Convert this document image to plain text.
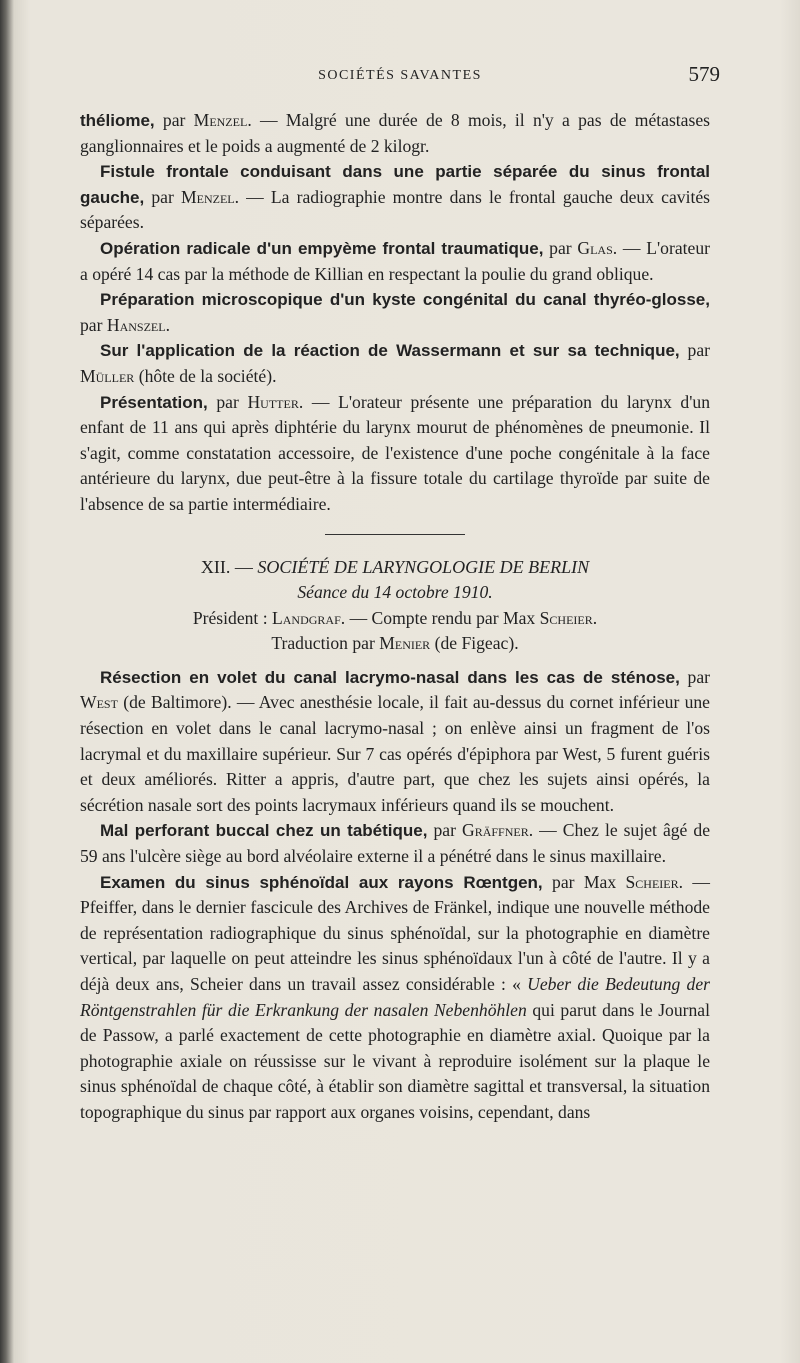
SOCIÉTÉS SAVANTES	579

théliome, par Menzel. — Malgré une durée de 8 mois, il n'y a pas de métastases ganglionnaires et le poids a augmenté de 2 kilogr.

Fistule frontale conduisant dans une partie séparée du sinus frontal gauche, par Menzel. — La radiographie montre dans le frontal gauche deux cavités séparées.

Opération radicale d'un empyème frontal traumatique, par Glas. — L'orateur a opéré 14 cas par la méthode de Killian en respectant la poulie du grand oblique.

Préparation microscopique d'un kyste congénital du canal thyréo-glosse, par Hanszel.

Sur l'application de la réaction de Wassermann et sur sa technique, par Müller (hôte de la société).

Présentation, par Hutter. — L'orateur présente une préparation du larynx d'un enfant de 11 ans qui après diphtérie du larynx mourut de phénomènes de pneumonie. Il s'agit, comme constatation accessoire, de l'existence d'une poche congénitale à la face antérieure du larynx, due peut-être à la fissure totale du cartilage thyroïde par suite de l'absence de sa partie intermédiaire.

XII. — SOCIÉTÉ DE LARYNGOLOGIE DE BERLIN

Séance du 14 octobre 1910.

Président : Landgraf. — Compte rendu par Max Scheier.

Traduction par Menier (de Figeac).

Résection en volet du canal lacrymo-nasal dans les cas de sténose, par West (de Baltimore). — Avec anesthésie locale, il fait au-dessus du cornet inférieur une résection en volet dans le canal lacrymo-nasal ; on enlève ainsi un fragment de l'os lacrymal et du maxillaire supérieur. Sur 7 cas opérés d'épiphora par West, 5 furent guéris et deux améliorés. Ritter a appris, d'autre part, que chez les sujets ainsi opérés, la sécrétion nasale sort des points lacrymaux inférieurs quand ils se mouchent.

Mal perforant buccal chez un tabétique, par Gräffner. — Chez le sujet âgé de 59 ans l'ulcère siège au bord alvéolaire externe il a pénétré dans le sinus maxillaire.

Examen du sinus sphénoïdal aux rayons Rœntgen, par Max Scheier. — Pfeiffer, dans le dernier fascicule des Archives de Fränkel, indique une nouvelle méthode de représentation radiographique du sinus sphénoïdal, sur la photographie en diamètre vertical, par laquelle on peut atteindre les sinus sphénoïdaux l'un à côté de l'autre. Il y a déjà deux ans, Scheier dans un travail assez considérable : « Ueber die Bedeutung der Röntgenstrahlen für die Erkrankung der nasalen Nebenhöhlen qui parut dans le Journal de Passow, a parlé exactement de cette photographie en diamètre axial. Quoique par la photographie axiale on réussisse sur le vivant à reproduire isolément sur la plaque le sinus sphénoïdal de chaque côté, à établir son diamètre sagittal et transversal, la situation topographique du sinus par rapport aux organes voisins, cependant, dans
